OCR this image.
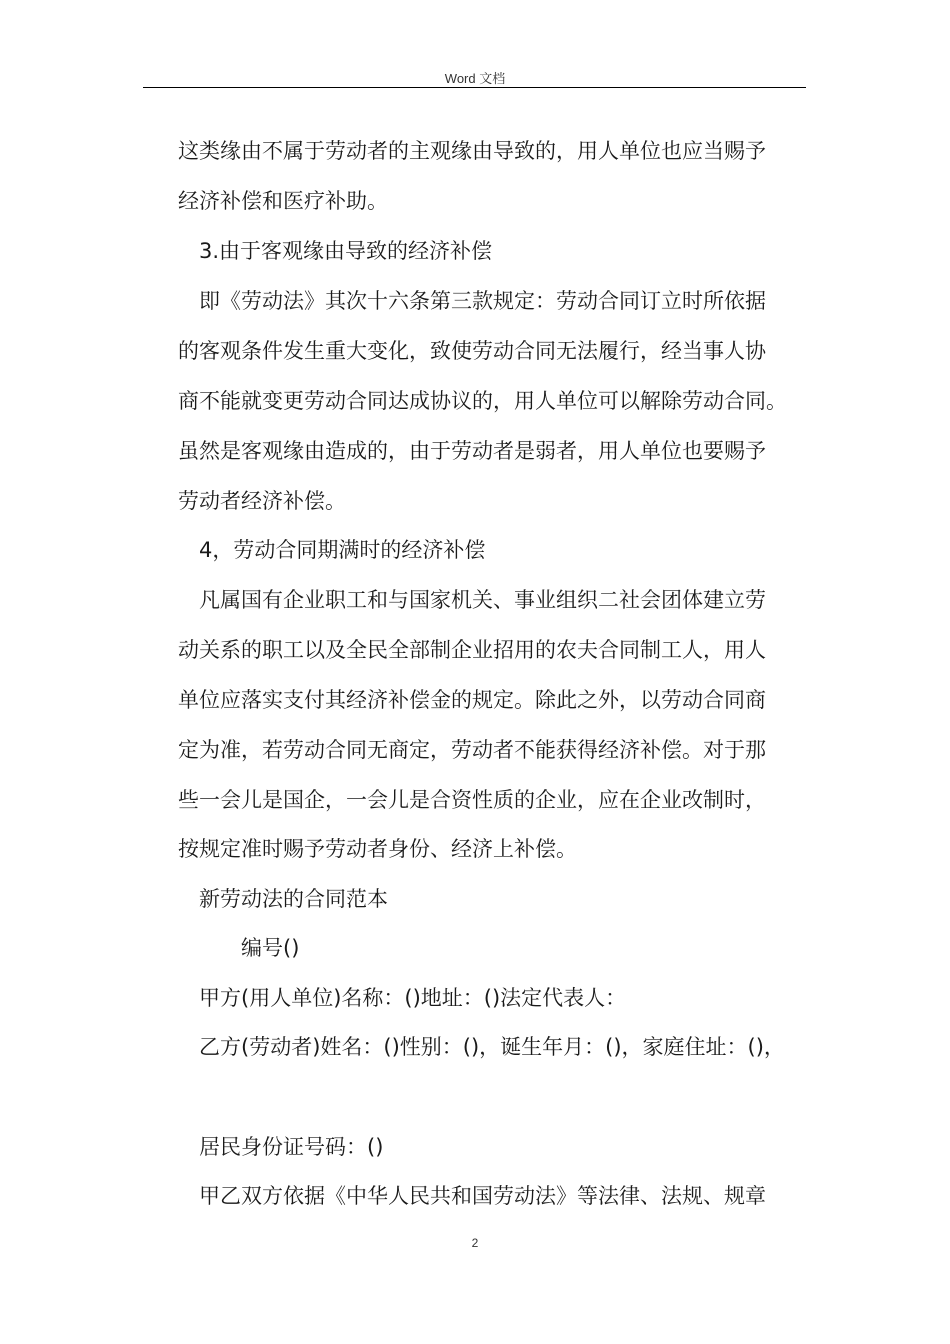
Word 文档
这类缘由不属于劳动者的主观缘由导致的，用人单位也应当赐予
经济补偿和医疗补助。
3.由于客观缘由导致的经济补偿
即《劳动法》其次十六条第三款规定：劳动合同订立时所依据
的客观条件发生重大变化，致使劳动合同无法履行，经当事人协
商不能就变更劳动合同达成协议的，用人单位可以解除劳动合同。
虽然是客观缘由造成的，由于劳动者是弱者，用人单位也要赐予
劳动者经济补偿。
4，劳动合同期满时的经济补偿
凡属国有企业职工和与国家机关、事业组织二社会团体建立劳
动关系的职工以及全民全部制企业招用的农夫合同制工人，用人
单位应落实支付其经济补偿金的规定。除此之外，以劳动合同商
定为准，若劳动合同无商定，劳动者不能获得经济补偿。对于那
些一会儿是国企，一会儿是合资性质的企业，应在企业改制时，
按规定准时赐予劳动者身份、经济上补偿。
新劳动法的合同范本
编号()
甲方(用人单位)名称：()地址：()法定代表人：
乙方(劳动者)姓名：()性别：()，诞生年月：()，家庭住址：()，
居民身份证号码：()
甲乙双方依据《中华人民共和国劳动法》等法律、法规、规章
2
